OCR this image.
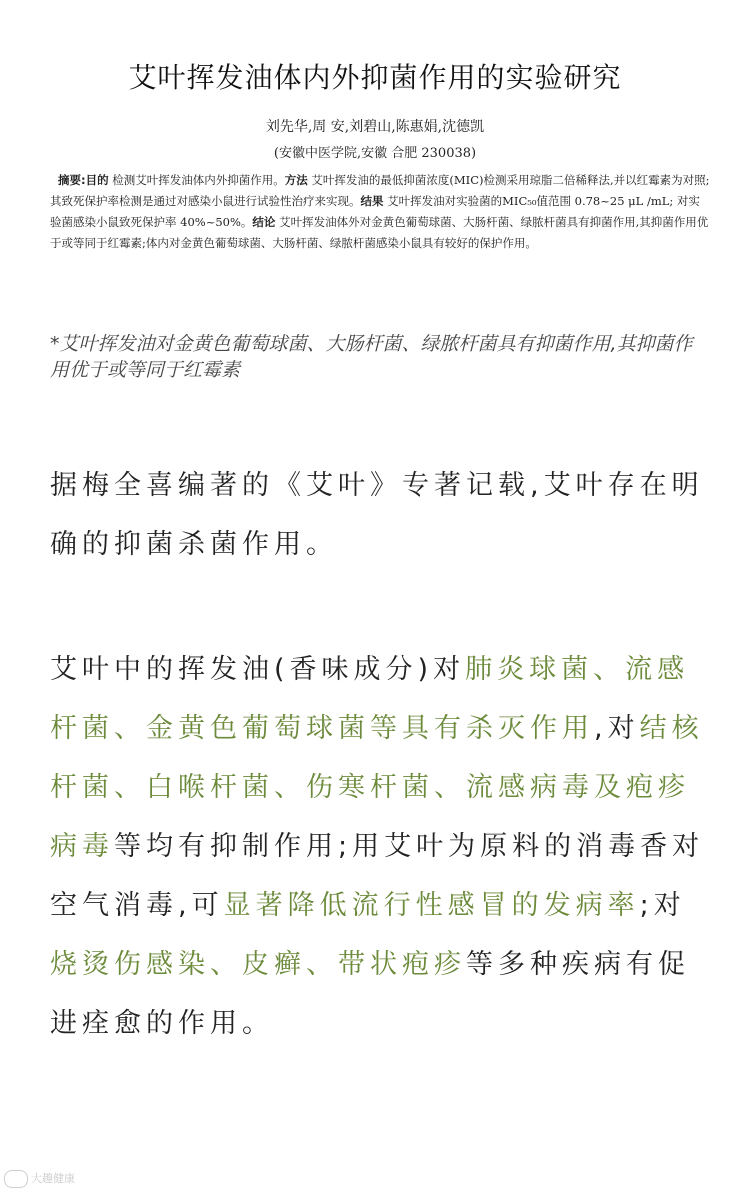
艾叶挥发油体内外抑菌作用的实验研究
刘先华,周 安,刘碧山,陈惠娟,沈德凯
(安徽中医学院,安徽 合肥 230038)
摘要:目的 检测艾叶挥发油体内外抑菌作用。方法 艾叶挥发油的最低抑菌浓度(MIC)检测采用琼脂二倍稀释法,并以红霉素为对照;其致死保护率检测是通过对感染小鼠进行试验性治疗来实现。结果 艾叶挥发油对实验菌的MIC₅₀值范围 0.78~25 μL /mL; 对实验菌感染小鼠致死保护率 40%~50%。结论 艾叶挥发油体外对金黄色葡萄球菌、大肠杆菌、绿脓杆菌具有抑菌作用,其抑菌作用优于或等同于红霉素;体内对金黄色葡萄球菌、大肠杆菌、绿脓杆菌感染小鼠具有较好的保护作用。
*艾叶挥发油对金黄色葡萄球菌、大肠杆菌、绿脓杆菌具有抑菌作用,其抑菌作用优于或等同于红霉素
据梅全喜编著的《艾叶》专著记载,艾叶存在明确的抑菌杀菌作用。
艾叶中的挥发油(香味成分)对肺炎球菌、流感杆菌、金黄色葡萄球菌等具有杀灭作用,对结核杆菌、白喉杆菌、伤寒杆菌、流感病毒及疱疹病毒等均有抑制作用;用艾叶为原料的消毒香对空气消毒,可显著降低流行性感冒的发病率;对烧烫伤感染、皮癣、带状疱疹等多种疾病有促进痊愈的作用。
大趣健康
